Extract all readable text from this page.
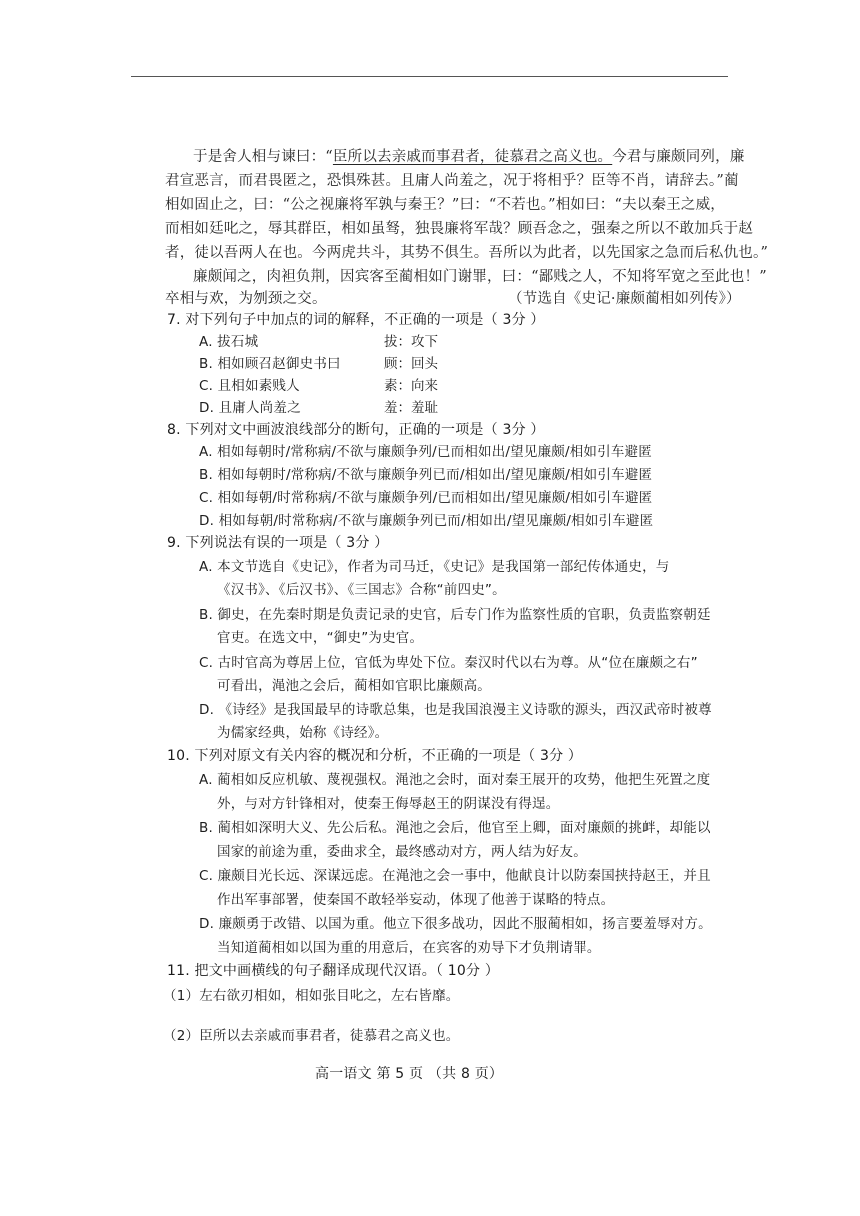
于是舍人相与谏曰：“臣所以去亲戚而事君者，徒慕君之高义也。今君与廉颇同列，廉
君宣恶言，而君畏匿之，恐惧殊甚。且庸人尚羞之，况于将相乎？臣等不肖，请辞去。”蔺
相如固止之，曰：“公之视廉将军孰与秦王？”曰：“不若也。”相如曰：“夫以秦王之威，
而相如廷叱之，辱其群臣，相如虽驽，独畏廉将军哉？顾吾念之，强秦之所以不敢加兵于赵
者，徒以吾两人在也。今两虎共斗，其势不俱生。吾所以为此者，以先国家之急而后私仇也。”
廉颇闻之，肉袒负荆，因宾客至蔺相如门谢罪，曰：“鄙贱之人，不知将军宽之至此也！”
卒相与欢，为刎颈之交。	（节选自《史记·廉颇蔺相如列传》）
7. 对下列句子中加点的词的解释，不正确的一项是（ 3分 ）
A. 拔石城	拔：攻下
B. 相如顾召赵御史书曰	顾：回头
C. 且相如素贱人	素：向来
D. 且庸人尚羞之	羞：羞耻
8. 下列对文中画波浪线部分的断句，正确的一项是（ 3分 ）
A. 相如每朝时/常称病/不欲与廉颇争列/已而相如出/望见廉颇/相如引车避匿
B. 相如每朝时/常称病/不欲与廉颇争列已而/相如出/望见廉颇/相如引车避匿
C. 相如每朝/时常称病/不欲与廉颇争列/已而相如出/望见廉颇/相如引车避匿
D. 相如每朝/时常称病/不欲与廉颇争列已而/相如出/望见廉颇/相如引车避匿
9. 下列说法有误的一项是（ 3分 ）
A. 本文节选自《史记》，作者为司马迁，《史记》是我国第一部纪传体通史，与
《汉书》、《后汉书》、《三国志》合称“前四史”。
B. 御史，在先秦时期是负责记录的史官，后专门作为监察性质的官职，负责监察朝廷
官吏。在选文中，“御史”为史官。
C. 古时官高为尊居上位，官低为卑处下位。秦汉时代以右为尊。从“位在廉颇之右”
可看出，渑池之会后，蔺相如官职比廉颇高。
D. 《诗经》是我国最早的诗歌总集，也是我国浪漫主义诗歌的源头，西汉武帝时被尊
为儒家经典，始称《诗经》。
10. 下列对原文有关内容的概况和分析，不正确的一项是（ 3分 ）
A. 蔺相如反应机敏、蔑视强权。渑池之会时，面对秦王展开的攻势，他把生死置之度
外，与对方针锋相对，使秦王侮辱赵王的阴谋没有得逞。
B. 蔺相如深明大义、先公后私。渑池之会后，他官至上卿，面对廉颇的挑衅，却能以
国家的前途为重，委曲求全，最终感动对方，两人结为好友。
C. 廉颇目光长远、深谋远虑。在渑池之会一事中，他献良计以防秦国挟持赵王，并且
作出军事部署，使秦国不敢轻举妄动，体现了他善于谋略的特点。
D. 廉颇勇于改错、以国为重。他立下很多战功，因此不服蔺相如，扬言要羞辱对方。
当知道蔺相如以国为重的用意后，在宾客的劝导下才负荆请罪。
11. 把文中画横线的句子翻译成现代汉语。（ 10分 ）
（1）左右欲刃相如，相如张目叱之，左右皆靡。
（2）臣所以去亲戚而事君者，徒慕君之高义也。
高一语文 第 5 页 （共 8 页）
